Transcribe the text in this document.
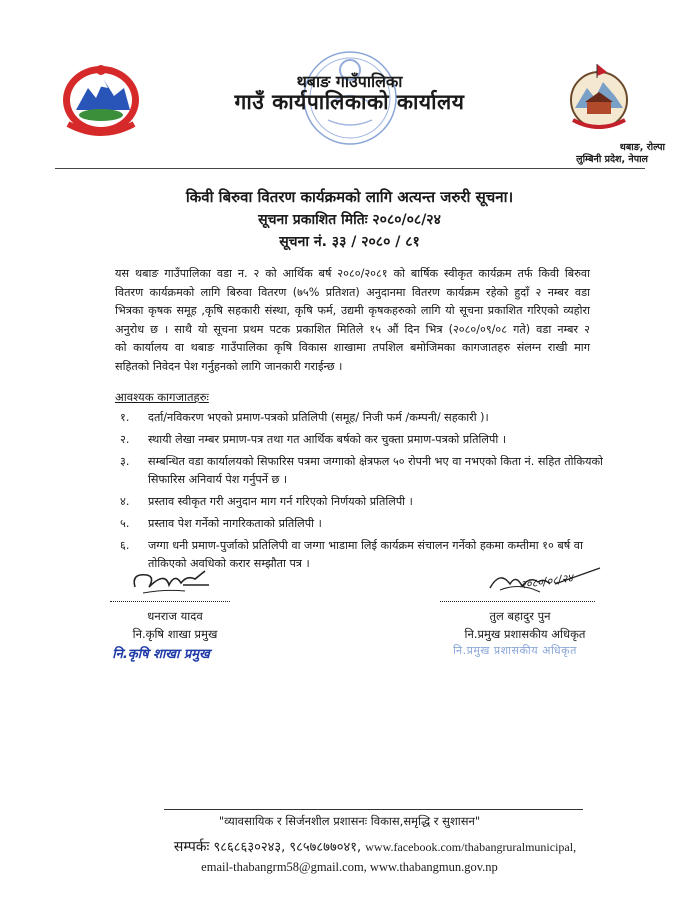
थबाङ गाउँपालिका
गाउँ कार्यपालिकाको कार्यालय
थबाङ, रोल्पा
लुम्बिनी प्रदेश, नेपाल
किवी बिरुवा वितरण कार्यक्रमको लागि अत्यन्त जरुरी सूचना।
सूचना प्रकाशित मितिः २०८०/०८/२४
सूचना नं. ३३ / २०८० / ८१
यस थबाङ गाउँपालिका वडा न. २ को आर्थिक बर्ष २०८०/२०८१ को बार्षिक स्वीकृत कार्यक्रम तर्फ किवी बिरुवा
वितरण कार्यक्रमको लागि बिरुवा वितरण (७५% प्रतिशत) अनुदानमा वितरण कार्यक्रम रहेको हुदाँ २ नम्बर वडा
भित्रका कृषक समूह ,कृषि सहकारी संस्था, कृषि फर्म, उद्यमी कृषकहरुको लागि यो सूचना प्रकाशित गरिएको व्यहोरा
अनुरोध छ । साथै यो सूचना प्रथम पटक प्रकाशित मितिले १५ औं दिन भित्र (२०८०/०९/०८ गते) वडा नम्बर २
को कार्यालय वा थबाङ गाउँपालिका कृषि विकास शाखामा तपशिल बमोजिमका कागजातहरु संलग्न राखी माग
सहितको निवेदन पेश गर्नुहनको लागि जानकारी गराईन्छ ।
आवश्यक कागजातहरुः
१. दर्ता/नविकरण भएको प्रमाण-पत्रको प्रतिलिपी (समूह/ निजी फर्म /कम्पनी/ सहकारी )।
२. स्थायी लेखा नम्बर प्रमाण-पत्र तथा गत आर्थिक बर्षको कर चुक्ता प्रमाण-पत्रको प्रतिलिपी ।
३. सम्बन्धित वडा कार्यालयको सिफारिस पत्रमा जग्गाको क्षेत्रफल ५० रोपनी भए वा नभएको किता नं. सहित तोकियको सिफारिस अनिवार्य पेश गर्नुपर्ने छ ।
४. प्रस्ताव स्वीकृत गरी अनुदान माग गर्न गरिएको निर्णयको प्रतिलिपी ।
५. प्रस्ताव पेश गर्नेको नागरिकताको प्रतिलिपी ।
६. जग्गा धनी प्रमाण-पुर्जाको प्रतिलिपी वा जग्गा भाडामा लिई कार्यक्रम संचालन गर्नेको हकमा कम्तीमा १० बर्ष वा तोकिएको अवधिको करार सम्झौता पत्र ।
२०८०/०८/२४
धनराज यादव
नि.कृषि शाखा प्रमुख
नि.कृषि शाखा प्रमुख
तुल बहादुर पुन
नि.प्रमुख प्रशासकीय अधिकृत
नि.प्रमुख प्रशासकीय अधिकृत
"व्यावसायिक र सिर्जनशील प्रशासनः विकास,समृद्धि र सुशासन"
सम्पर्कः ९८६८६३०२४३, ९८५७८७७०४१, www.facebook.com/thabangruralmunicipal,
email-thabangrm58@gmail.com, www.thabangmun.gov.np
